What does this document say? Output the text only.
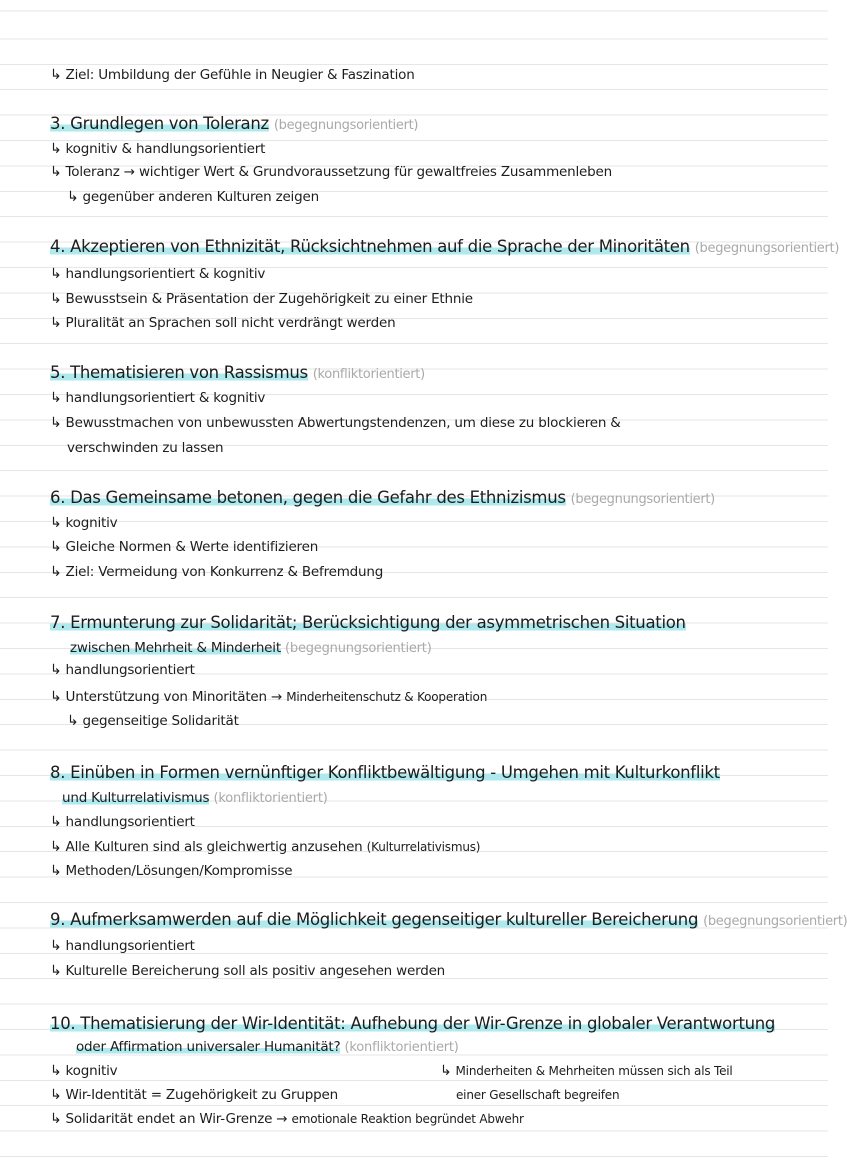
↳ Ziel: Umbildung der Gefühle in Neugier & Faszination
3. Grundlegen von Toleranz (begegnungsorientiert)
↳ kognitiv & handlungsorientiert
↳ Toleranz → wichtiger Wert & Grundvoraussetzung für gewaltfreies Zusammenleben
↳ gegenüber anderen Kulturen zeigen
4. Akzeptieren von Ethnizität, Rücksichtnehmen auf die Sprache der Minoritäten (begegnungsorientiert)
↳ handlungsorientiert & kognitiv
↳ Bewusstsein & Präsentation der Zugehörigkeit zu einer Ethnie
↳ Pluralität an Sprachen soll nicht verdrängt werden
5. Thematisieren von Rassismus (konfliktorientiert)
↳ handlungsorientiert & kognitiv
↳ Bewusstmachen von unbewussten Abwertungstendenzen, um diese zu blockieren &
verschwinden zu lassen
6. Das Gemeinsame betonen, gegen die Gefahr des Ethnizismus (begegnungsorientiert)
↳ kognitiv
↳ Gleiche Normen & Werte identifizieren
↳ Ziel: Vermeidung von Konkurrenz & Befremdung
7. Ermunterung zur Solidarität; Berücksichtigung der asymmetrischen Situation
zwischen Mehrheit & Minderheit (begegnungsorientiert)
↳ handlungsorientiert
↳ Unterstützung von Minoritäten → Minderheitenschutz & Kooperation
↳ gegenseitige Solidarität
8. Einüben in Formen vernünftiger Konfliktbewältigung - Umgehen mit Kulturkonflikt
und Kulturrelativismus (konfliktorientiert)
↳ handlungsorientiert
↳ Alle Kulturen sind als gleichwertig anzusehen (Kulturrelativismus)
↳ Methoden/Lösungen/Kompromisse
9. Aufmerksamwerden auf die Möglichkeit gegenseitiger kultureller Bereicherung (begegnungsorientiert)
↳ handlungsorientiert
↳ Kulturelle Bereicherung soll als positiv angesehen werden
10. Thematisierung der Wir-Identität: Aufhebung der Wir-Grenze in globaler Verantwortung
oder Affirmation universaler Humanität? (konfliktorientiert)
↳ kognitiv	↳ Minderheiten & Mehrheiten müssen sich als Teil
↳ Wir-Identität = Zugehörigkeit zu Gruppen	einer Gesellschaft begreifen
↳ Solidarität endet an Wir-Grenze → emotionale Reaktion begründet Abwehr
